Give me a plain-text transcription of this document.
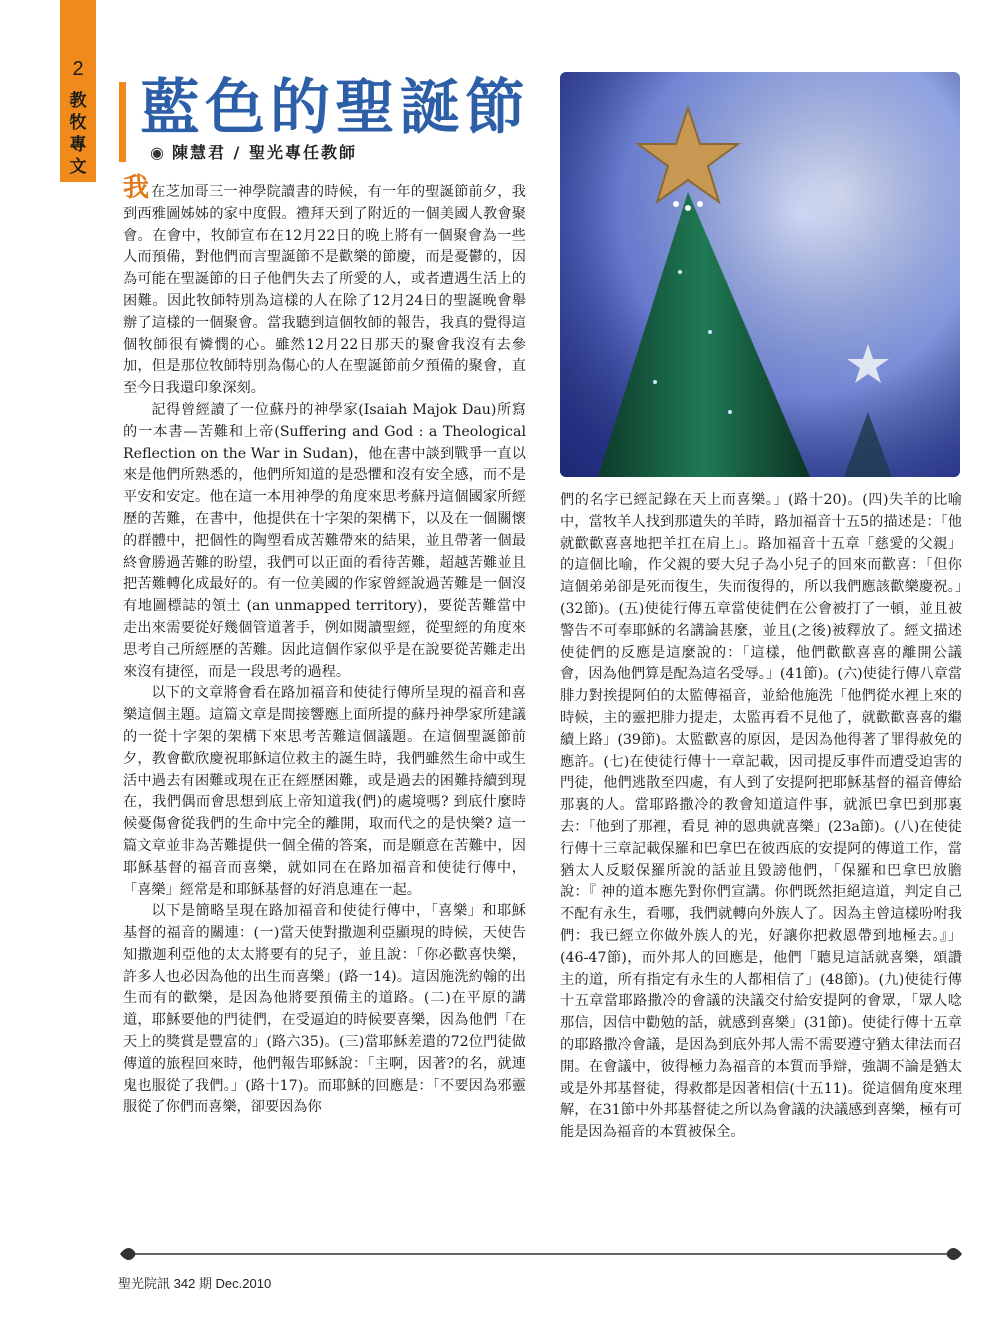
2
教
牧
專
文
藍色的聖誕節
◉ 陳慧君 / 聖光專任教師

我在芝加哥三一神學院讀書的時候，有一年的聖誕節前夕，我到西雅圖姊姊的家中度假。禮拜天到了附近的一個美國人教會聚會。在會中，牧師宣布在12月22日的晚上將有一個聚會為一些人而預備，對他們而言聖誕節不是歡樂的節慶，而是憂鬱的，因為可能在聖誕節的日子他們失去了所愛的人，或者遭遇生活上的困難。因此牧師特別為這樣的人在除了12月24日的聖誕晚會舉辦了這樣的一個聚會。當我聽到這個牧師的報告，我真的覺得這個牧師很有憐憫的心。雖然12月22日那天的聚會我沒有去參加，但是那位牧師特別為傷心的人在聖誕節前夕預備的聚會，直至今日我還印象深刻。

記得曾經讀了一位蘇丹的神學家(Isaiah Majok Dau)所寫的一本書—苦難和上帝(Suffering and God : a Theological Reflection on the War in Sudan)，他在書中談到戰爭一直以來是他們所熟悉的，他們所知道的是恐懼和沒有安全感，而不是平安和安定。他在這一本用神學的角度來思考蘇丹這個國家所經歷的苦難，在書中，他提供在十字架的架構下，以及在一個關懷的群體中，把個性的陶塑看成苦難帶來的結果，並且帶著一個最終會勝過苦難的盼望，我們可以正面的看待苦難，超越苦難並且把苦難轉化成最好的。有一位美國的作家曾經說過苦難是一個沒有地圖標誌的領土 (an unmapped territory)，要從苦難當中走出來需要從好幾個管道著手，例如閱讀聖經，從聖經的角度來思考自己所經歷的苦難。因此這個作家似乎是在說要從苦難走出來沒有捷徑，而是一段思考的過程。

以下的文章將會看在路加福音和使徒行傳所呈現的福音和喜樂這個主題。這篇文章是間接響應上面所提的蘇丹神學家所建議的一從十字架的架構下來思考苦難這個議題。在這個聖誕節前夕，教會歡欣慶祝耶穌這位救主的誕生時，我們雖然生命中或生活中過去有困難或現在正在經歷困難，或是過去的困難持續到現在，我們偶而會思想到底上帝知道我(們)的處境嗎? 到底什麼時候憂傷會從我們的生命中完全的離開，取而代之的是快樂? 這一篇文章並非為苦難提供一個全備的答案，而是願意在苦難中，因耶穌基督的福音而喜樂，就如同在在路加福音和使徒行傳中，「喜樂」經常是和耶穌基督的好消息連在一起。

以下是簡略呈現在路加福音和使徒行傳中，「喜樂」和耶穌基督的福音的關連：(一)當天使對撒迦利亞顯現的時候，天使告知撒迦利亞他的太太將要有的兒子，並且說：「你必歡喜快樂，許多人也必因為他的出生而喜樂」(路一14)。這因施洗約翰的出生而有的歡樂，是因為他將要預備主的道路。(二)在平原的講道，耶穌要他的門徒們，在受逼迫的時候要喜樂，因為他們「在天上的獎賞是豐富的」(路六35)。(三)當耶穌差遣的72位門徒做傳道的旅程回來時，他們報告耶穌說：「主啊，因著?的名，就連鬼也服從了我們。」(路十17)。而耶穌的回應是：「不要因為邪靈服從了你們而喜樂，卻要因為你

們的名字已經記錄在天上而喜樂。」(路十20)。(四)失羊的比喻中，當牧羊人找到那遺失的羊時，路加福音十五5的描述是：「他就歡歡喜喜地把羊扛在肩上」。路加福音十五章「慈愛的父親」的這個比喻，作父親的要大兒子為小兒子的回來而歡喜：「但你這個弟弟卻是死而復生，失而復得的，所以我們應該歡樂慶祝。」(32節)。(五)使徒行傳五章當使徒們在公會被打了一頓，並且被警告不可奉耶穌的名講論甚麼，並且(之後)被釋放了。經文描述使徒們的反應是這麼說的：「這樣，他們歡歡喜喜的離開公議會，因為他們算是配為這名受辱。」(41節)。(六)使徒行傳八章當腓力對挨提阿伯的太監傳福音，並給他施洗「他們從水裡上來的時候，主的靈把腓力提走，太監再看不見他了，就歡歡喜喜的繼續上路」(39節)。太監歡喜的原因，是因為他得著了罪得赦免的應許。(七)在使徒行傳十一章記載，因司提反事件而遭受迫害的門徒，他們逃散至四處，有人到了安提阿把耶穌基督的福音傳給那裏的人。當耶路撒冷的教會知道這件事，就派巴拿巴到那裏去：「他到了那裡，看見 神的恩典就喜樂」(23a節)。(八)在使徒行傳十三章記載保羅和巴拿巴在彼西底的安提阿的傳道工作，當猶太人反駁保羅所說的話並且毀謗他們，「保羅和巴拿巴放膽說：『 神的道本應先對你們宣講。你們既然拒絕這道，判定自己不配有永生，看哪，我們就轉向外族人了。因為主曾這樣吩咐我們：我已經立你做外族人的光，好讓你把救恩帶到地極去。』」(46-47節)，而外邦人的回應是，他們「聽見這話就喜樂，頌讚主的道，所有指定有永生的人都相信了」(48節)。(九)使徒行傳十五章當耶路撒冷的會議的決議交付給安提阿的會眾，「眾人唸那信，因信中勸勉的話，就感到喜樂」(31節)。使徒行傳十五章的耶路撒冷會議，是因為到底外邦人需不需要遵守猶太律法而召開。在會議中，彼得極力為福音的本質而爭辯，強調不論是猶太或是外邦基督徒，得救都是因著相信(十五11)。從這個角度來理解，在31節中外邦基督徒之所以為會議的決議感到喜樂，極有可能是因為福音的本質被保全。

聖光院訊 342 期 Dec.2010
